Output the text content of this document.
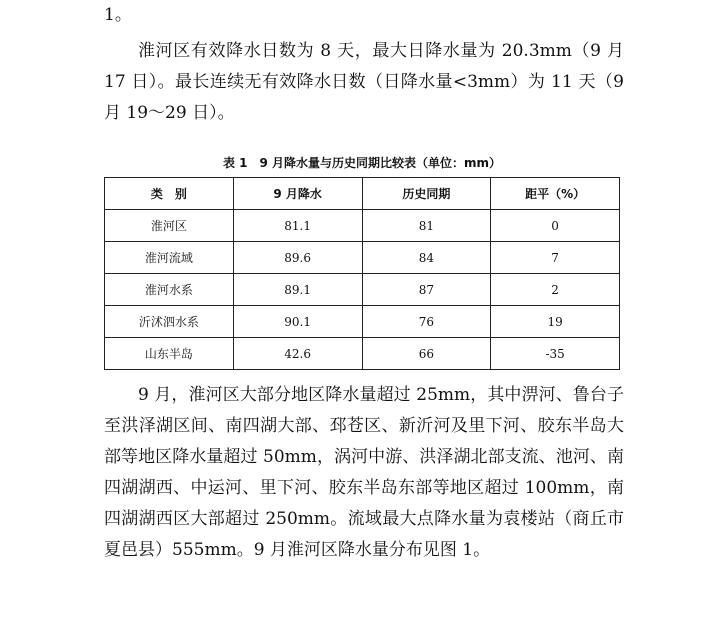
1。

淮河区有效降水日数为 8 天，最大日降水量为 20.3mm（9 月 17 日）。最长连续无有效降水日数（日降水量<3mm）为 11 天（9 月 19～29 日）。

表 1　9 月降水量与历史同期比较表（单位：mm）

类　别	9 月降水	历史同期	距平（%）
淮河区	81.1	81	0
淮河流域	89.6	84	7
淮河水系	89.1	87	2
沂沭泗水系	90.1	76	19
山东半岛	42.6	66	-35

9 月，淮河区大部分地区降水量超过 25mm，其中淠河、鲁台子至洪泽湖区间、南四湖大部、邳苍区、新沂河及里下河、胶东半岛大部等地区降水量超过 50mm，涡河中游、洪泽湖北部支流、池河、南四湖湖西、中运河、里下河、胶东半岛东部等地区超过 100mm，南四湖湖西区大部超过 250mm。流域最大点降水量为袁楼站（商丘市夏邑县）555mm。9 月淮河区降水量分布见图 1。
